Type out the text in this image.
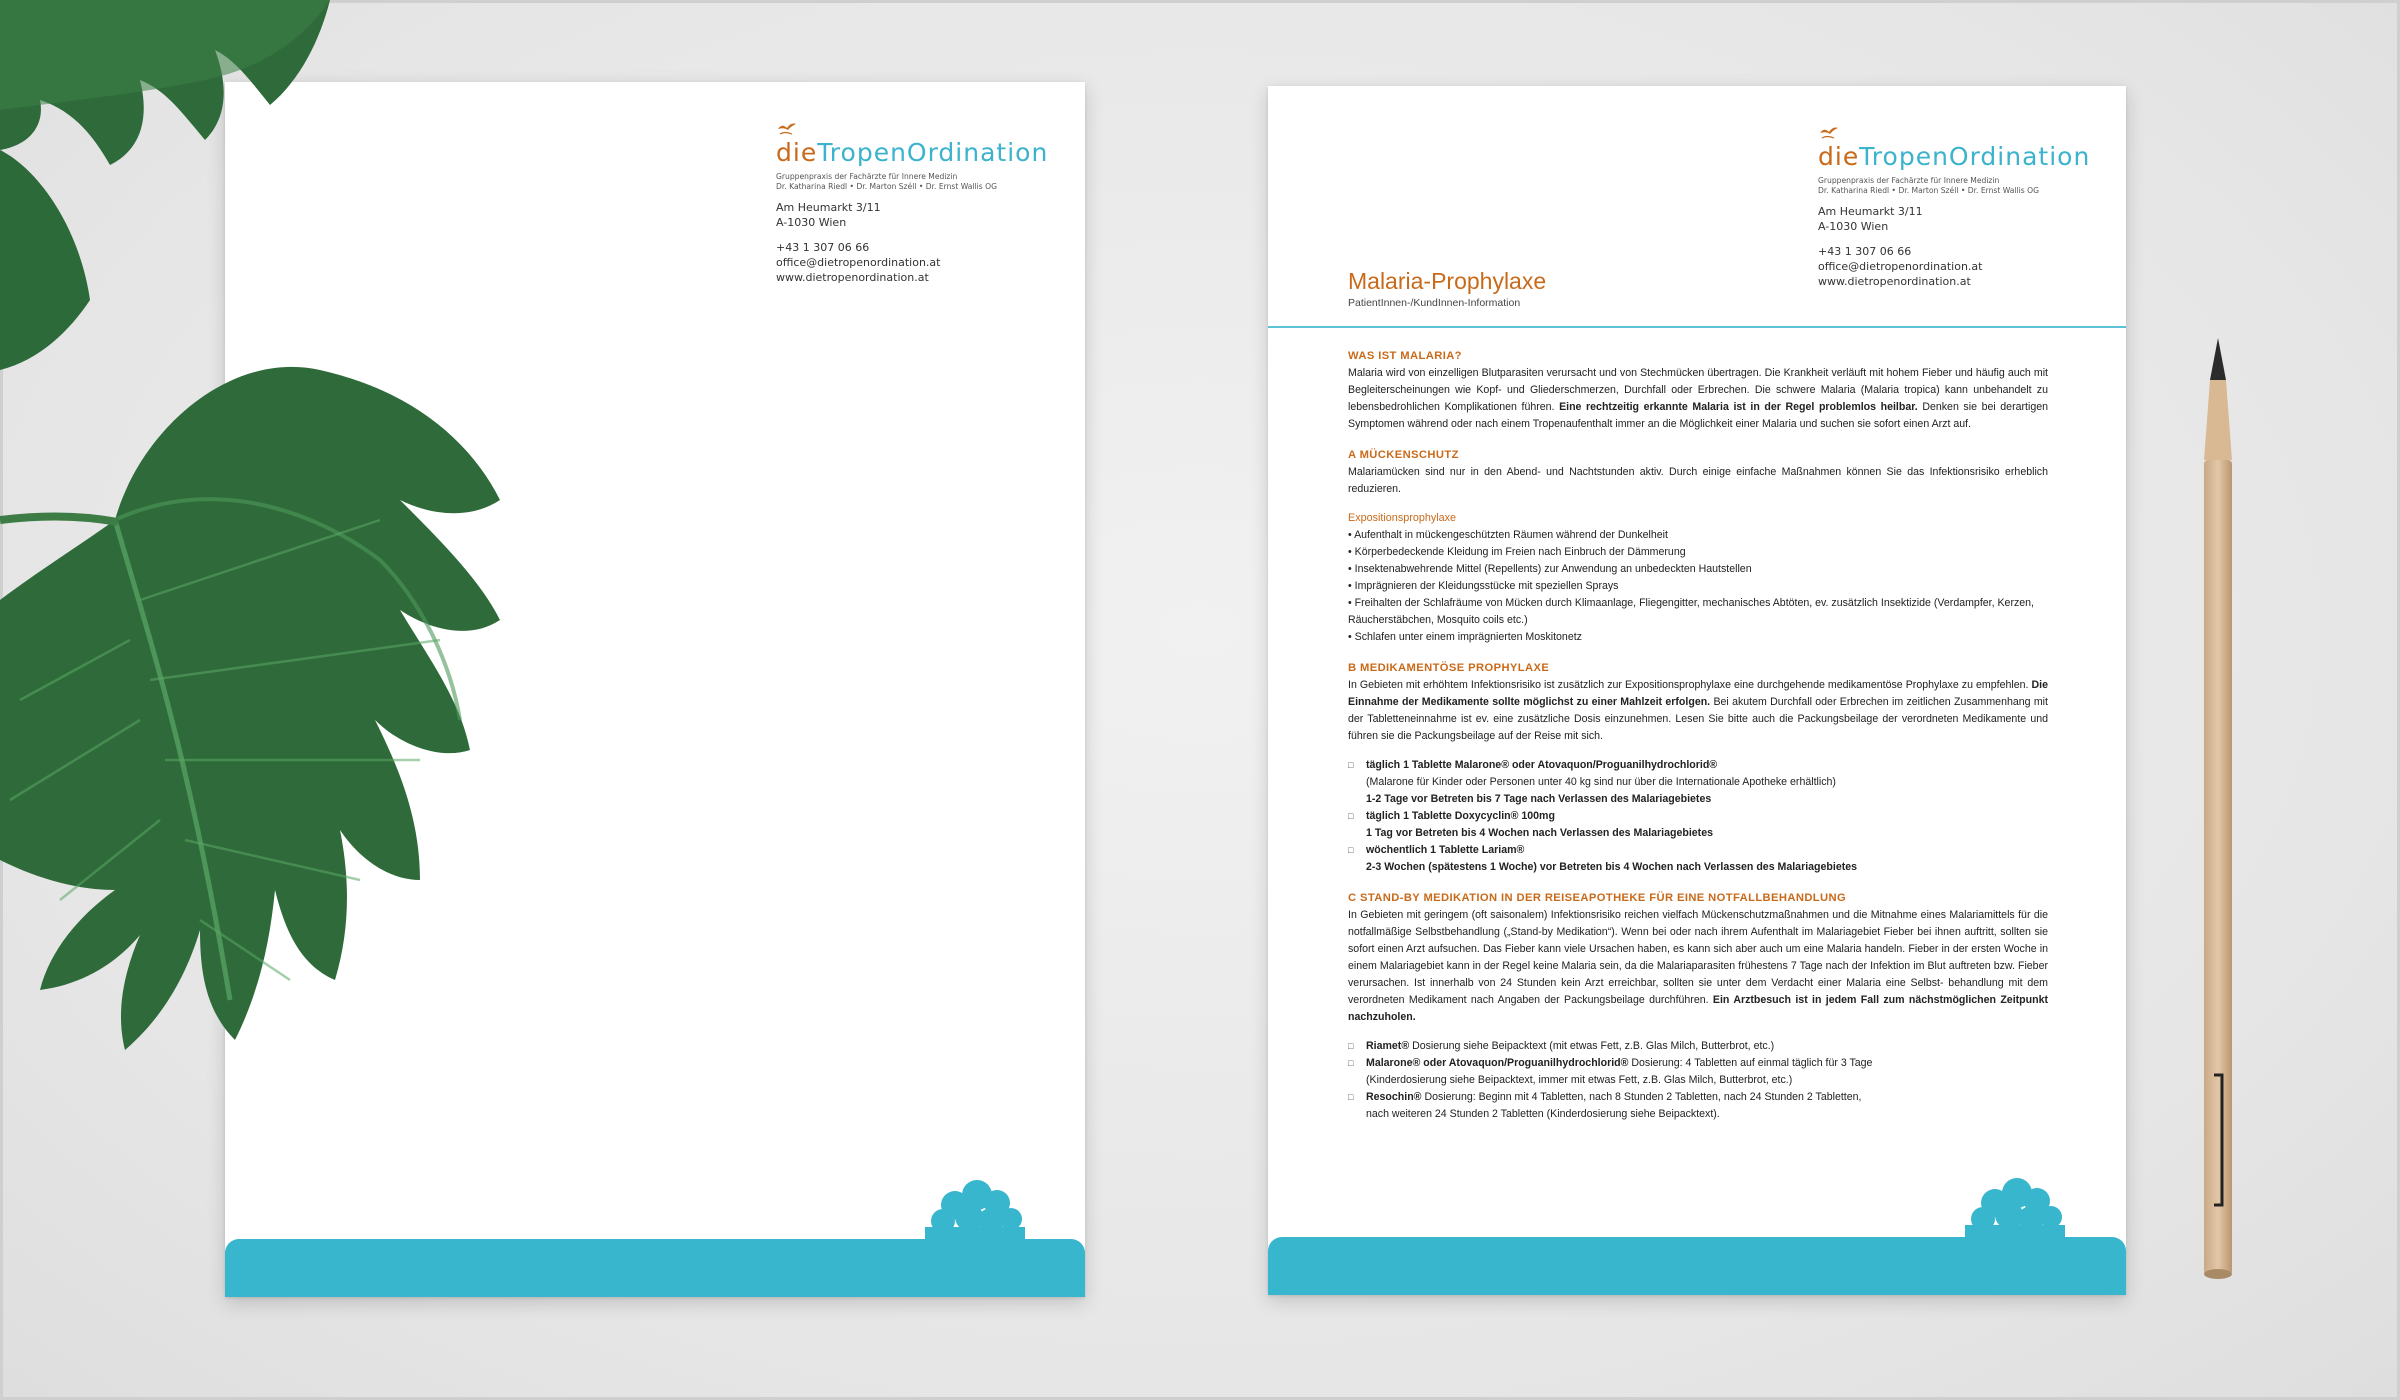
dieTropenOrdination
Gruppenpraxis der Fachärzte für Innere Medizin
Dr. Katharina Riedl • Dr. Marton Széll • Dr. Ernst Wallis OG
Am Heumarkt 3/11
A-1030 Wien
+43 1 307 06 66
office@dietropenordination.at
www.dietropenordination.at
dieTropenOrdination
Gruppenpraxis der Fachärzte für Innere Medizin
Dr. Katharina Riedl • Dr. Marton Széll • Dr. Ernst Wallis OG
Am Heumarkt 3/11
A-1030 Wien
+43 1 307 06 66
office@dietropenordination.at
www.dietropenordination.at
Malaria-Prophylaxe
PatientInnen-/KundInnen-Information
WAS IST MALARIA?

Malaria wird von einzelligen Blutparasiten verursacht und von Stechmücken übertragen. Die Krankheit verläuft mit hohem Fieber und häufig auch mit Begleiterscheinungen wie Kopf- und Gliederschmerzen, Durchfall oder Erbrechen. Die schwere Malaria (Malaria tropica) kann unbehandelt zu lebensbedrohlichen Komplikationen führen. Eine rechtzeitig erkannte Malaria ist in der Regel problemlos heilbar. Denken sie bei derartigen Symptomen während oder nach einem Tropenaufenthalt immer an die Möglichkeit einer Malaria und suchen sie sofort einen Arzt auf.

A MÜCKENSCHUTZ

Malariamücken sind nur in den Abend- und Nachtstunden aktiv. Durch einige einfache Maßnahmen können Sie das Infektionsrisiko erheblich reduzieren.

Expositionsprophylaxe
• Aufenthalt in mückengeschützten Räumen während der Dunkelheit
• Körperbedeckende Kleidung im Freien nach Einbruch der Dämmerung
• Insektenabwehrende Mittel (Repellents) zur Anwendung an unbedeckten Hautstellen
• Imprägnieren der Kleidungsstücke mit speziellen Sprays
• Freihalten der Schlafräume von Mücken durch Klimaanlage, Fliegengitter, mechanisches Abtöten, ev. zusätzlich Insektizide (Verdampfer, Kerzen, Räucherstäbchen, Mosquito coils etc.)
• Schlafen unter einem imprägnierten Moskitonetz
B MEDIKAMENTÖSE PROPHYLAXE

In Gebieten mit erhöhtem Infektionsrisiko ist zusätzlich zur Expositionsprophylaxe eine durchgehende medikamentöse Prophylaxe zu empfehlen. Die Einnahme der Medikamente sollte möglichst zu einer Mahlzeit erfolgen. Bei akutem Durchfall oder Erbrechen im zeitlichen Zusammenhang mit der Tabletteneinnahme ist ev. eine zusätzliche Dosis einzunehmen. Lesen Sie bitte auch die Packungsbeilage der verordneten Medikamente und führen sie die Packungsbeilage auf der Reise mit sich.

□ täglich 1 Tablette Malarone® oder Atovaquon/Proguanilhydrochlorid®
(Malarone für Kinder oder Personen unter 40 kg sind nur über die Internationale Apotheke erhältlich)
1-2 Tage vor Betreten bis 7 Tage nach Verlassen des Malariagebietes
□ täglich 1 Tablette Doxycyclin® 100mg
1 Tag vor Betreten bis 4 Wochen nach Verlassen des Malariagebietes
□ wöchentlich 1 Tablette Lariam®
2-3 Wochen (spätestens 1 Woche) vor Betreten bis 4 Wochen nach Verlassen des Malariagebietes
C STAND-BY MEDIKATION IN DER REISEAPOTHEKE FÜR EINE NOTFALLBEHANDLUNG

In Gebieten mit geringem (oft saisonalem) Infektionsrisiko reichen vielfach Mückenschutzmaßnahmen und die Mitnahme eines Malariamittels für die notfallmäßige Selbstbehandlung („Stand-by Medikation“). Wenn bei oder nach ihrem Aufenthalt im Malariagebiet Fieber bei ihnen auftritt, sollten sie sofort einen Arzt aufsuchen. Das Fieber kann viele Ursachen haben, es kann sich aber auch um eine Malaria handeln. Fieber in der ersten Woche in einem Malariagebiet kann in der Regel keine Malaria sein, da die Malariaparasiten frühestens 7 Tage nach der Infektion im Blut auftreten bzw. Fieber verursachen. Ist innerhalb von 24 Stunden kein Arzt erreichbar, sollten sie unter dem Verdacht einer Malaria eine Selbst- behandlung mit dem verordneten Medikament nach Angaben der Packungsbeilage durchführen. Ein Arztbesuch ist in jedem Fall zum nächstmöglichen Zeitpunkt nachzuholen.

□ Riamet® Dosierung siehe Beipacktext (mit etwas Fett, z.B. Glas Milch, Butterbrot, etc.)
□ Malarone® oder Atovaquon/Proguanilhydrochlorid® Dosierung: 4 Tabletten auf einmal täglich für 3 Tage
(Kinderdosierung siehe Beipacktext, immer mit etwas Fett, z.B. Glas Milch, Butterbrot, etc.)
□ Resochin® Dosierung: Beginn mit 4 Tabletten, nach 8 Stunden 2 Tabletten, nach 24 Stunden 2 Tabletten,
nach weiteren 24 Stunden 2 Tabletten (Kinderdosierung siehe Beipacktext).
